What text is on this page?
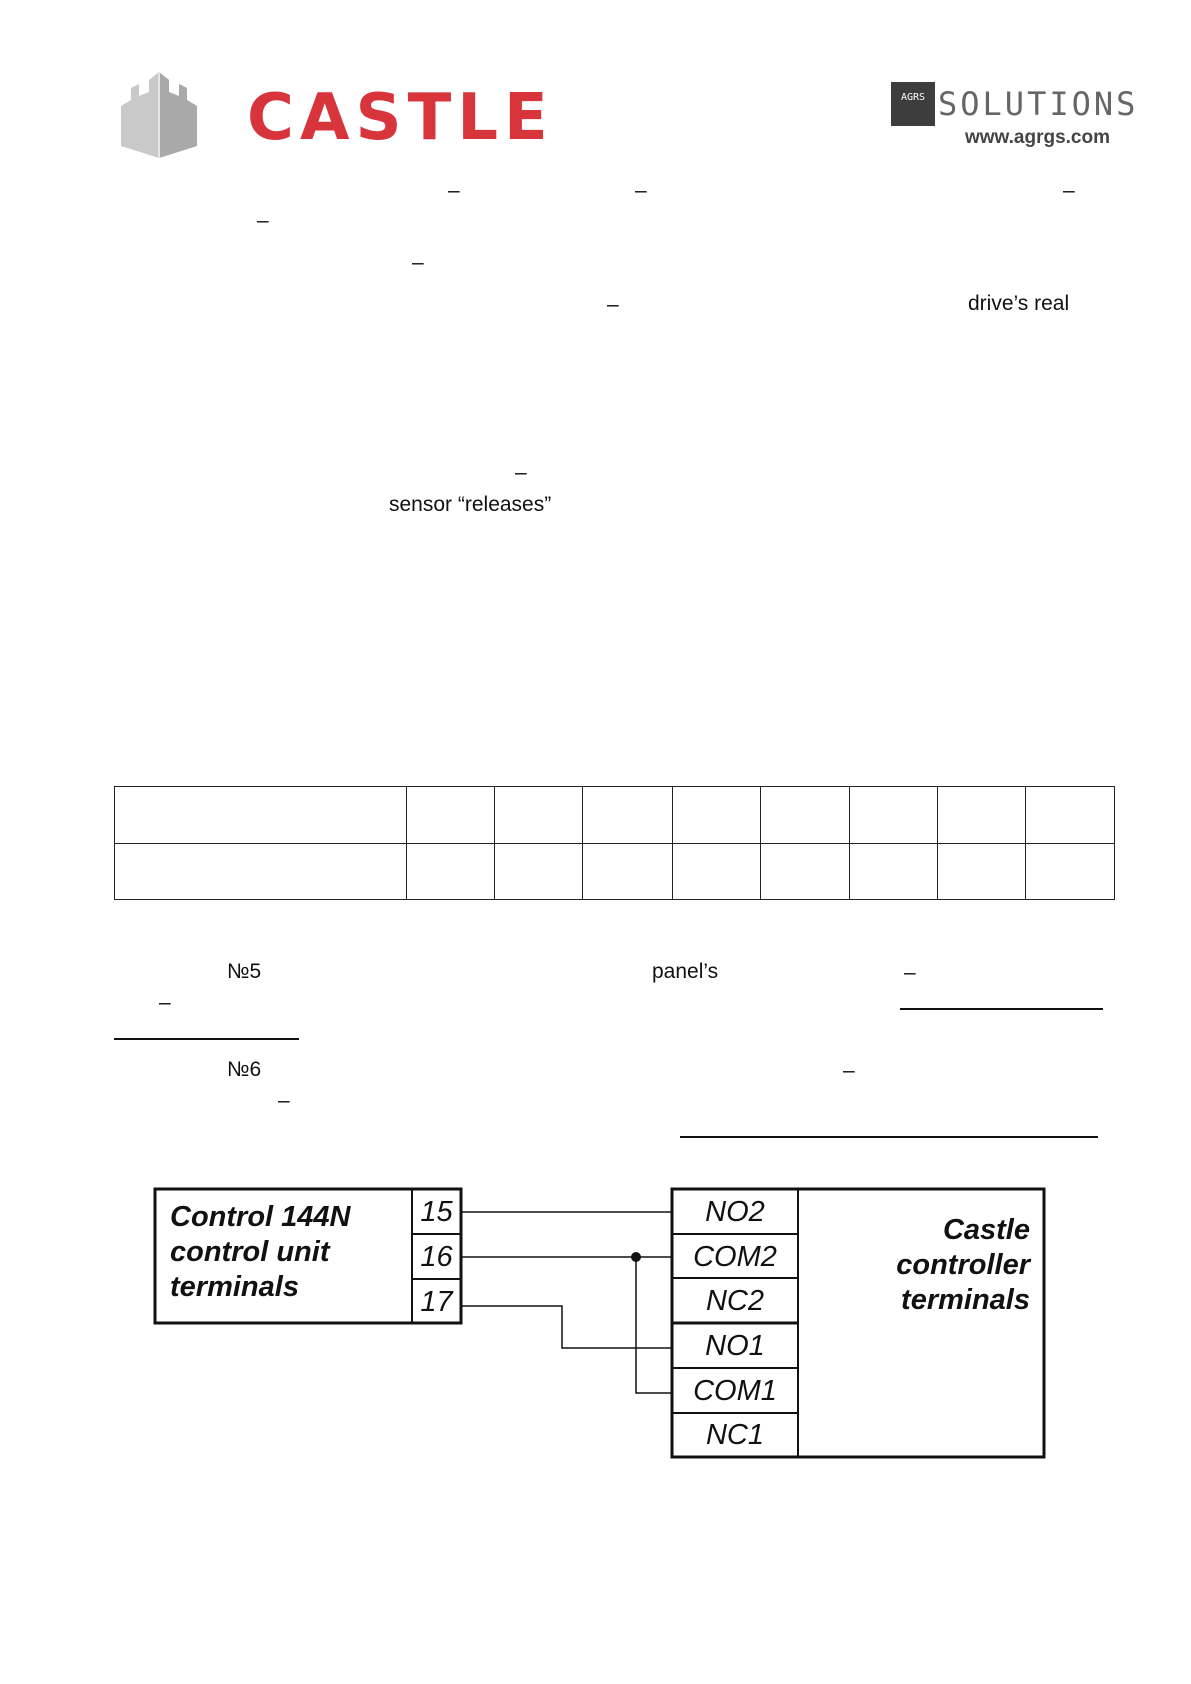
CASTLE	AGRS SOLUTIONS
www.agrgs.com
–	–	–
–
–
–	drive’s real
–
sensor “releases”

№5	panel’s	–
–
№6	–
–
Control 144N
control unit
terminals
15
16
17
NO2
COM2
NC2
NO1
COM1
NC1
Castle
controller
terminals
